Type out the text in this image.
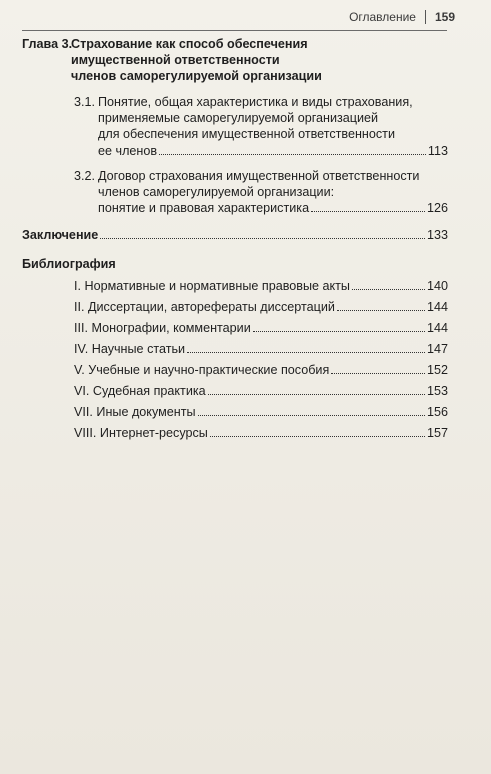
Оглавление 159
Глава 3.
Страхование как способ обеспечения
имущественной ответственности
членов саморегулируемой организации
3.1. Понятие, общая характеристика и виды страхования,
применяемые саморегулируемой организацией
для обеспечения имущественной ответственности
ее членов	113
3.2. Договор страхования имущественной ответственности
членов саморегулируемой организации:
понятие и правовая характеристика	126
Заключение	133
Библиография
I. Нормативные и нормативные правовые акты	140
II. Диссертации, авторефераты диссертаций	144
III. Монографии, комментарии	144
IV. Научные статьи	147
V. Учебные и научно-практические пособия	152
VI. Судебная практика	153
VII. Иные документы	156
VIII. Интернет-ресурсы	157
